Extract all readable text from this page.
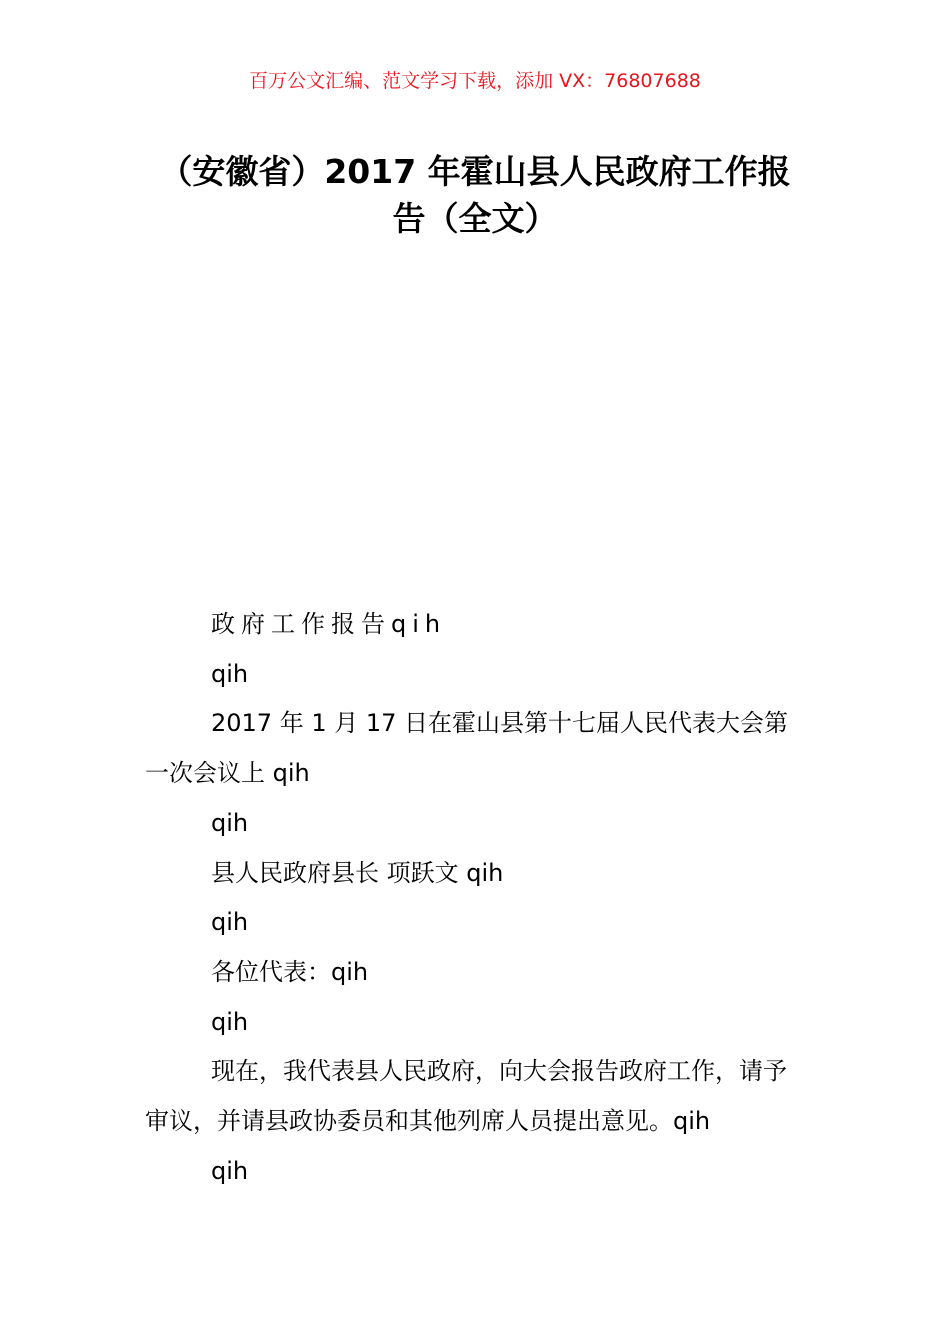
百万公文汇编、范文学习下载，添加 VX：76807688
（安徽省）2017 年霍山县人民政府工作报
告（全文）

政府工作报告qih

qih

2017 年 1 月 17 日在霍山县第十七届人民代表大会第一次会议上 qih

qih

县人民政府县长 项跃文 qih

qih

各位代表：qih

qih

现在，我代表县人民政府，向大会报告政府工作，请予审议，并请县政协委员和其他列席人员提出意见。qih

qih
